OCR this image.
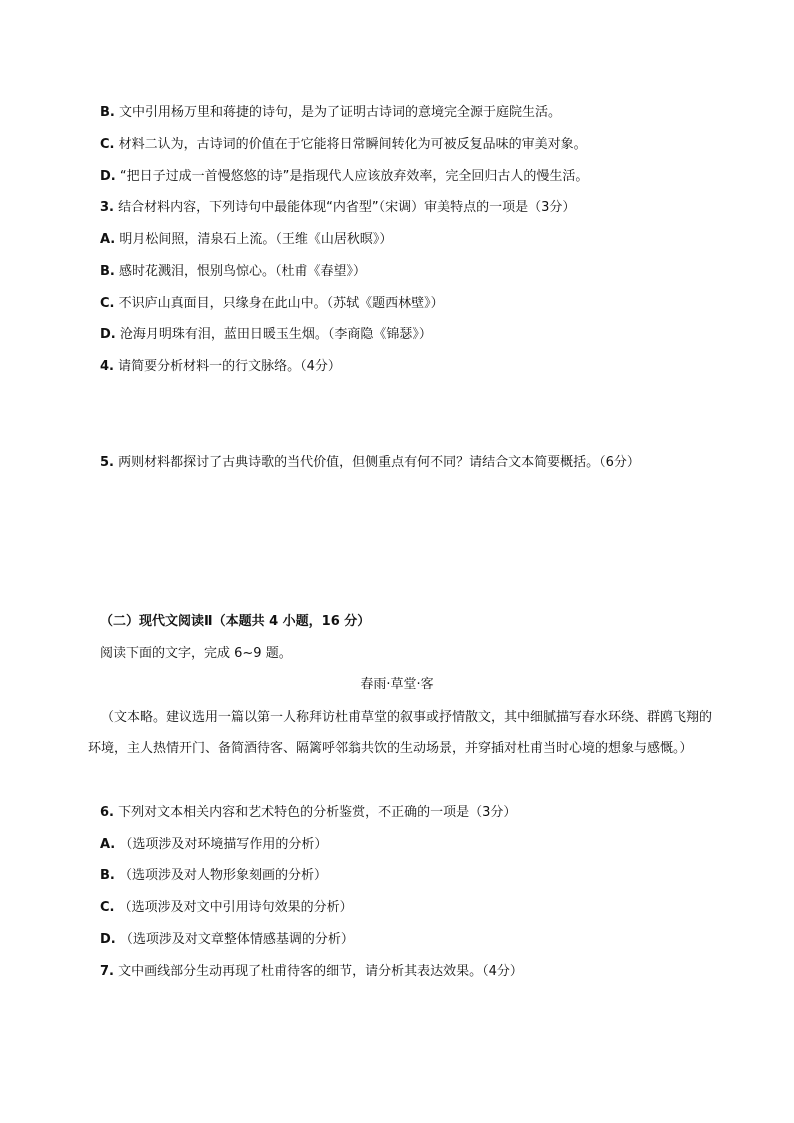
B. 文中引用杨万里和蒋捷的诗句，是为了证明古诗词的意境完全源于庭院生活。
C. 材料二认为，古诗词的价值在于它能将日常瞬间转化为可被反复品味的审美对象。
D. “把日子过成一首慢悠悠的诗”是指现代人应该放弃效率，完全回归古人的慢生活。
3. 结合材料内容，下列诗句中最能体现“内省型”（宋调）审美特点的一项是（3分）
A. 明月松间照，清泉石上流。（王维《山居秋暝》）
B. 感时花溅泪，恨别鸟惊心。（杜甫《春望》）
C. 不识庐山真面目，只缘身在此山中。（苏轼《题西林壁》）
D. 沧海月明珠有泪，蓝田日暖玉生烟。（李商隐《锦瑟》）
4. 请简要分析材料一的行文脉络。（4分）
5. 两则材料都探讨了古典诗歌的当代价值，但侧重点有何不同？请结合文本简要概括。（6分）
（二）现代文阅读Ⅱ（本题共 4 小题，16 分）
阅读下面的文字，完成 6~9 题。
春雨·草堂·客
（文本略。建议选用一篇以第一人称拜访杜甫草堂的叙事或抒情散文，其中细腻描写春水环绕、群鸥飞翔的环境，主人热情开门、备简酒待客、隔篱呼邻翁共饮的生动场景，并穿插对杜甫当时心境的想象与感慨。）
6. 下列对文本相关内容和艺术特色的分析鉴赏，不正确的一项是（3分）
A. （选项涉及对环境描写作用的分析）
B. （选项涉及对人物形象刻画的分析）
C. （选项涉及对文中引用诗句效果的分析）
D. （选项涉及对文章整体情感基调的分析）
7. 文中画线部分生动再现了杜甫待客的细节，请分析其表达效果。（4分）
